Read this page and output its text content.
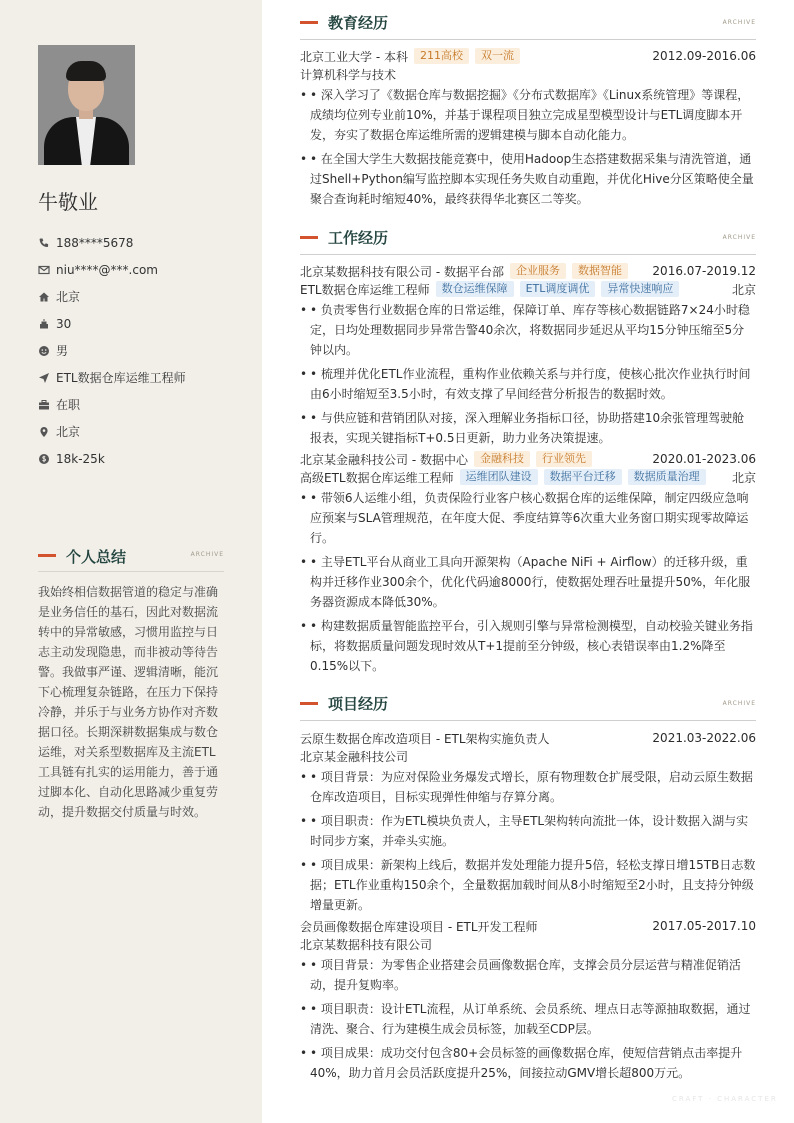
牛敬业
188****5678
niu****@***.com
北京
30
男
ETL数据仓库运维工程师
在职
北京
18k-25k
个人总结	ARCHIVE

我始终相信数据管道的稳定与准确是业务信任的基石，因此对数据流转中的异常敏感，习惯用监控与日志主动发现隐患，而非被动等待告警。我做事严谨、逻辑清晰，能沉下心梳理复杂链路，在压力下保持冷静，并乐于与业务方协作对齐数据口径。长期深耕数据集成与数仓运维，对关系型数据库及主流ETL工具链有扎实的运用能力，善于通过脚本化、自动化思路减少重复劳动，提升数据交付质量与时效。

教育经历	ARCHIVE
北京工业大学 - 本科	211高校	双一流	2012.09-2016.06
计算机科学与技术
• • 深入学习了《数据仓库与数据挖掘》《分布式数据库》《Linux系统管理》等课程，成绩均位列专业前10%，并基于课程项目独立完成星型模型设计与ETL调度脚本开发，夯实了数据仓库运维所需的逻辑建模与脚本自动化能力。
• • 在全国大学生大数据技能竞赛中，使用Hadoop生态搭建数据采集与清洗管道，通过Shell+Python编写监控脚本实现任务失败自动重跑，并优化Hive分区策略使全量聚合查询耗时缩短40%，最终获得华北赛区二等奖。
工作经历	ARCHIVE
北京某数据科技有限公司 - 数据平台部	企业服务	数据智能	2016.07-2019.12
ETL数据仓库运维工程师	数仓运维保障	ETL调度调优	异常快速响应	北京
• • 负责零售行业数据仓库的日常运维，保障订单、库存等核心数据链路7×24小时稳定，日均处理数据同步异常告警40余次，将数据同步延迟从平均15分钟压缩至5分钟以内。
• • 梳理并优化ETL作业流程，重构作业依赖关系与并行度，使核心批次作业执行时间由6小时缩短至3.5小时，有效支撑了早间经营分析报告的数据时效。
• • 与供应链和营销团队对接，深入理解业务指标口径，协助搭建10余张管理驾驶舱报表，实现关键指标T+0.5日更新，助力业务决策提速。
北京某金融科技公司 - 数据中心	金融科技	行业领先	2020.01-2023.06
高级ETL数据仓库运维工程师	运维团队建设	数据平台迁移	数据质量治理	北京
• • 带领6人运维小组，负责保险行业客户核心数据仓库的运维保障，制定四级应急响应预案与SLA管理规范，在年度大促、季度结算等6次重大业务窗口期实现零故障运行。
• • 主导ETL平台从商业工具向开源架构（Apache NiFi + Airflow）的迁移升级，重构并迁移作业300余个，优化代码逾8000行，使数据处理吞吐量提升50%，年化服务器资源成本降低30%。
• • 构建数据质量智能监控平台，引入规则引擎与异常检测模型，自动校验关键业务指标，将数据质量问题发现时效从T+1提前至分钟级，核心表错误率由1.2%降至0.15%以下。
项目经历	ARCHIVE
云原生数据仓库改造项目 - ETL架构实施负责人	2021.03-2022.06
北京某金融科技公司
• • 项目背景：为应对保险业务爆发式增长，原有物理数仓扩展受限，启动云原生数据仓库改造项目，目标实现弹性伸缩与存算分离。
• • 项目职责：作为ETL模块负责人，主导ETL架构转向流批一体，设计数据入湖与实时同步方案，并牵头实施。
• • 项目成果：新架构上线后，数据并发处理能力提升5倍，轻松支撑日增15TB日志数据；ETL作业重构150余个，全量数据加载时间从8小时缩短至2小时，且支持分钟级增量更新。
会员画像数据仓库建设项目 - ETL开发工程师	2017.05-2017.10
北京某数据科技有限公司
• • 项目背景：为零售企业搭建会员画像数据仓库，支撑会员分层运营与精准促销活动，提升复购率。
• • 项目职责：设计ETL流程，从订单系统、会员系统、埋点日志等源抽取数据，通过清洗、聚合、行为建模生成会员标签，加载至CDP层。
• • 项目成果：成功交付包含80+会员标签的画像数据仓库，使短信营销点击率提升40%，助力首月会员活跃度提升25%，间接拉动GMV增长超800万元。
CRAFT · CHARACTER
